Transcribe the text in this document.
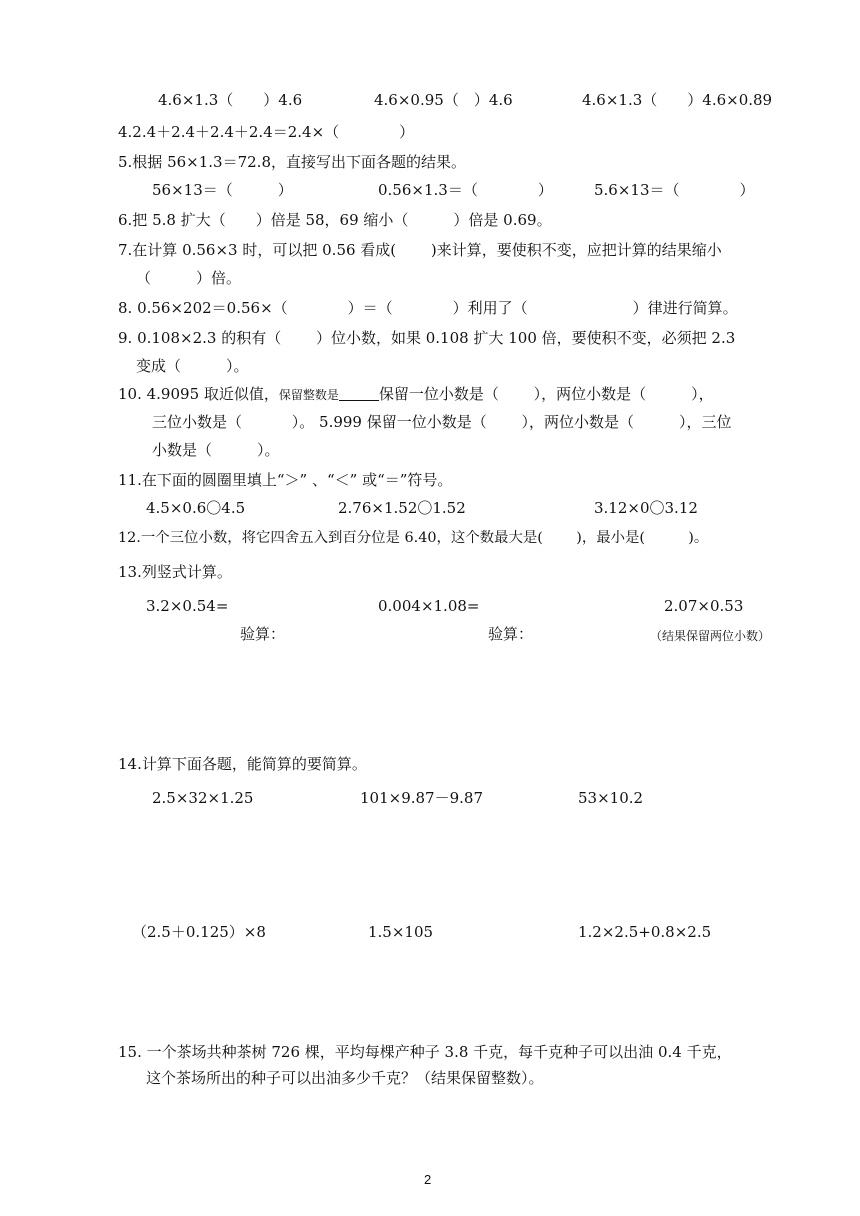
4.6×1.3（　　）4.6	4.6×0.95（　）4.6	4.6×1.3（　　）4.6×0.89
4.2.4＋2.4＋2.4＋2.4＝2.4×（　　　　）
5.根据 56×1.3＝72.8，直接写出下面各题的结果。
56×13＝（　　　）	0.56×1.3＝（　　　　）	5.6×13＝（　　　　）
6.把 5.8 扩大（　　）倍是 58，69 缩小（　　　）倍是 0.69。
7.在计算 0.56×3 时，可以把 0.56 看成(　　 )来计算，要使积不变，应把计算的结果缩小
（　　　）倍。
8. 0.56×202＝0.56×（　　　　）＝（　　　　）利用了（　　　　　　　）律进行简算。
9. 0.108×2.3 的积有（　　 ）位小数，如果 0.108 扩大 100 倍，要使积不变，必须把 2.3
变成（　　　）。
10. 4.9095 取近似值，保留整数是	保留一位小数是（　　 ），两位小数是（　　　），
三位小数是（　　　 ）。 5.999 保留一位小数是（　　 ），两位小数是（　　　），三位
小数是（　　　）。
11.在下面的圆圈里填上“＞” 、“＜” 或“＝”符号。
4.5×0.6〇4.5	2.76×1.52〇1.52	3.12×0〇3.12
12.一个三位小数，将它四舍五入到百分位是 6.40，这个数最大是(　　 )，最小是(　　　)。
13.列竖式计算。
3.2×0.54=	0.004×1.08=	2.07×0.53
验算：	验算：	（结果保留两位小数）
14.计算下面各题，能简算的要简算。
2.5×32×1.25	101×9.87－9.87	53×10.2
（2.5＋0.125）×8	1.5×105	1.2×2.5+0.8×2.5
15. 一个茶场共种茶树 726 棵，平均每棵产种子 3.8 千克，每千克种子可以出油 0.4 千克，
这个茶场所出的种子可以出油多少千克？（结果保留整数）。
2
